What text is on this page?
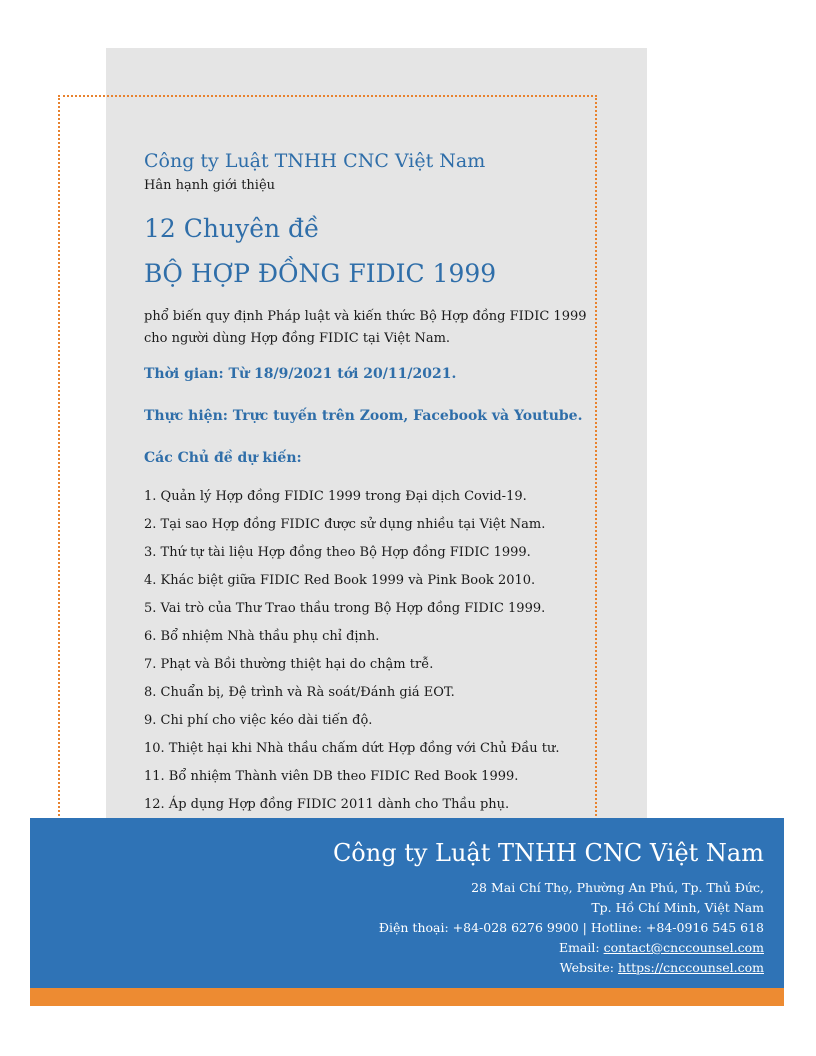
Công ty Luật TNHH CNC Việt Nam

Hân hạnh giới thiệu

12 Chuyên đề

BỘ HỢP ĐỒNG FIDIC 1999

phổ biến quy định Pháp luật và kiến thức Bộ Hợp đồng FIDIC 1999 cho người dùng Hợp đồng FIDIC tại Việt Nam.

Thời gian: Từ 18/9/2021 tới 20/11/2021.
Thực hiện: Trực tuyến trên Zoom, Facebook và Youtube.
Các Chủ đề dự kiến:
1. Quản lý Hợp đồng FIDIC 1999 trong Đại dịch Covid-19.
2. Tại sao Hợp đồng FIDIC được sử dụng nhiều tại Việt Nam.
3. Thứ tự tài liệu Hợp đồng theo Bộ Hợp đồng FIDIC 1999.
4. Khác biệt giữa FIDIC Red Book 1999 và Pink Book 2010.
5. Vai trò của Thư Trao thầu trong Bộ Hợp đồng FIDIC 1999.
6. Bổ nhiệm Nhà thầu phụ chỉ định.
7. Phạt và Bồi thường thiệt hại do chậm trễ.
8. Chuẩn bị, Đệ trình và Rà soát/Đánh giá EOT.
9. Chi phí cho việc kéo dài tiến độ.
10. Thiệt hại khi Nhà thầu chấm dứt Hợp đồng với Chủ Đầu tư.
11. Bổ nhiệm Thành viên DB theo FIDIC Red Book 1999.
12. Áp dụng Hợp đồng FIDIC 2011 dành cho Thầu phụ.

Công ty Luật TNHH CNC Việt Nam

28 Mai Chí Thọ, Phường An Phú, Tp. Thủ Đức,

Tp. Hồ Chí Minh, Việt Nam

Điện thoại: +84-028 6276 9900 | Hotline: +84-0916 545 618

Email: contact@cnccounsel.com

Website: https://cnccounsel.com
